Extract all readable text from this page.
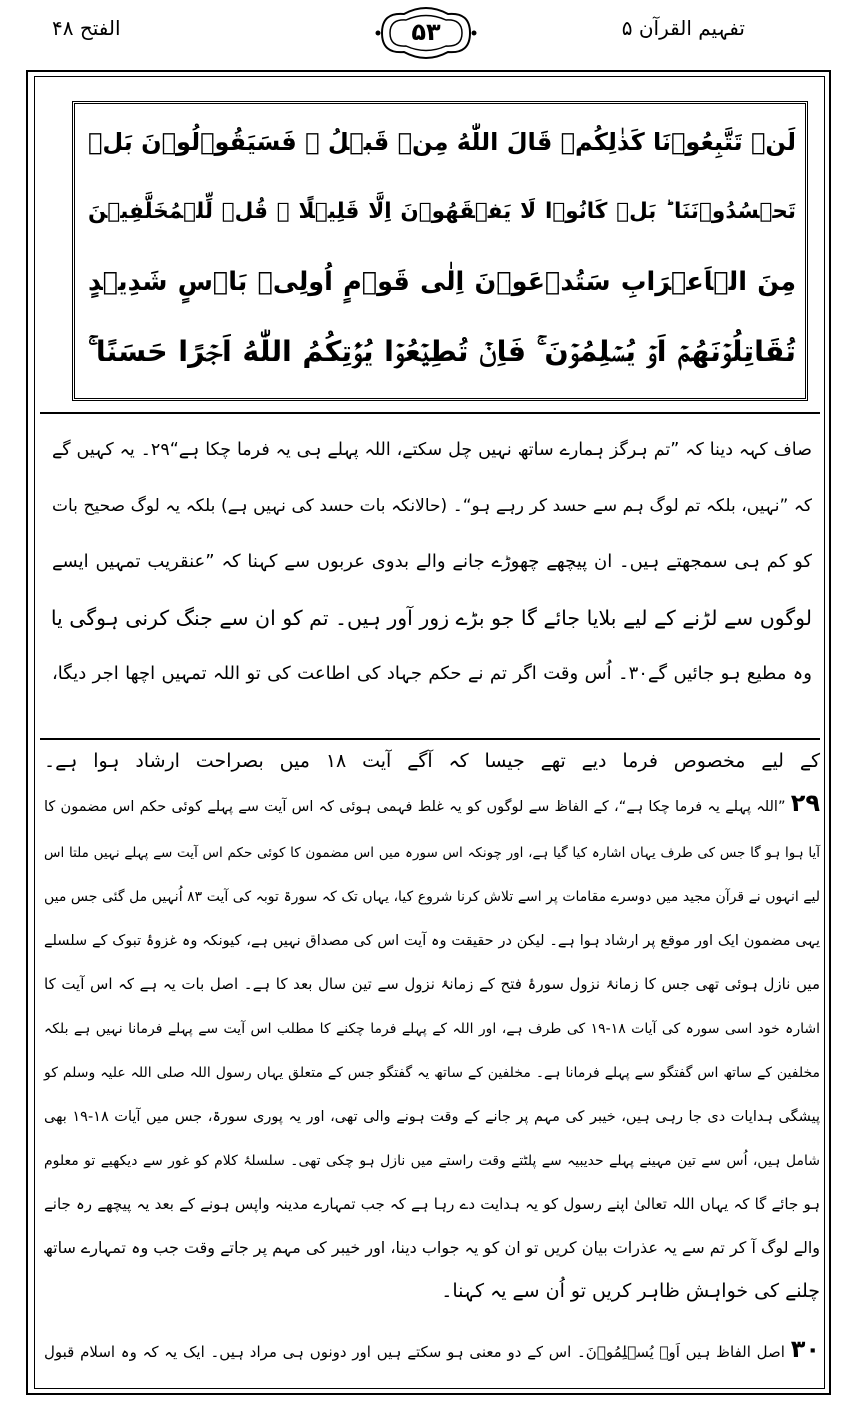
تفہیم القرآن ۵
۵۳
الفتح ۴۸
لَنۡ تَتَّبِعُوۡنَا كَذٰلِكُمۡ قَالَ اللّٰهُ مِنۡ قَبۡلُ ۚ فَسَيَقُوۡلُوۡنَ بَلۡ
تَحۡسُدُوۡنَنَا ؕ بَلۡ كَانُوۡا لَا يَفۡقَهُوۡنَ اِلَّا قَلِيۡلًا ۞ قُلۡ لِّلۡمُخَلَّفِيۡنَ
مِنَ الۡاَعۡرَابِ سَتُدۡعَوۡنَ اِلٰى قَوۡمٍ اُولِىۡ بَاۡسٍ شَدِيۡدٍ
تُقَاتِلُوۡنَهُمۡ اَوۡ يُسۡلِمُوۡنَ ۚ فَاِنۡ تُطِيۡعُوۡا يُؤۡتِكُمُ اللّٰهُ اَجۡرًا حَسَنًا ۚ
صاف کہہ دینا کہ ”تم ہرگز ہمارے ساتھ نہیں چل سکتے، اللہ پہلے ہی یہ فرما چکا ہے“۲۹۔ یہ کہیں گے
کہ ”نہیں، بلکہ تم لوگ ہم سے حسد کر رہے ہو“۔ (حالانکہ بات حسد کی نہیں ہے) بلکہ یہ لوگ صحیح بات
کو کم ہی سمجھتے ہیں۔ ان پیچھے چھوڑے جانے والے بدوی عربوں سے کہنا کہ ”عنقریب تمہیں ایسے
لوگوں سے لڑنے کے لیے بلایا جائے گا جو بڑے زور آور ہیں۔ تم کو ان سے جنگ کرنی ہوگی یا
وہ مطیع ہو جائیں گے۳۰۔ اُس وقت اگر تم نے حکم جہاد کی اطاعت کی تو اللہ تمہیں اچھا اجر دیگا،
کے لیے مخصوص فرما دیے تھے جیسا کہ آگے آیت ۱۸ میں بصراحت ارشاد ہوا ہے۔
۲۹ ”اللہ پہلے یہ فرما چکا ہے“، کے الفاظ سے لوگوں کو یہ غلط فہمی ہوئی کہ اس آیت سے پہلے کوئی حکم اس مضمون کا
آیا ہوا ہو گا جس کی طرف یہاں اشارہ کیا گیا ہے، اور چونکہ اس سورہ میں اس مضمون کا کوئی حکم اس آیت سے پہلے نہیں ملتا اس
لیے انہوں نے قرآن مجید میں دوسرے مقامات پر اسے تلاش کرنا شروع کیا، یہاں تک کہ سورۃ توبہ کی آیت ۸۳ اُنہیں مل گئی جس میں
یہی مضمون ایک اور موقع پر ارشاد ہوا ہے۔ لیکن در حقیقت وہ آیت اس کی مصداق نہیں ہے، کیونکہ وہ غزوۂ تبوک کے سلسلے
میں نازل ہوئی تھی جس کا زمانۂ نزول سورۂ فتح کے زمانۂ نزول سے تین سال بعد کا ہے۔ اصل بات یہ ہے کہ اس آیت کا
اشارہ خود اسی سورہ کی آیات ۱۸-۱۹ کی طرف ہے، اور اللہ کے پہلے فرما چکنے کا مطلب اس آیت سے پہلے فرمانا نہیں ہے بلکہ
مخلفین کے ساتھ اس گفتگو سے پہلے فرمانا ہے۔ مخلفین کے ساتھ یہ گفتگو جس کے متعلق یہاں رسول اللہ صلی اللہ علیہ وسلم کو
پیشگی ہدایات دی جا رہی ہیں، خیبر کی مہم پر جانے کے وقت ہونے والی تھی، اور یہ پوری سورۃ، جس میں آیات ۱۸-۱۹ بھی
شامل ہیں، اُس سے تین مہینے پہلے حدیبیہ سے پلٹتے وقت راستے میں نازل ہو چکی تھی۔ سلسلۂ کلام کو غور سے دیکھیے تو معلوم
ہو جائے گا کہ یہاں اللہ تعالیٰ اپنے رسول کو یہ ہدایت دے رہا ہے کہ جب تمہارے مدینہ واپس ہونے کے بعد یہ پیچھے رہ جانے
والے لوگ آ کر تم سے یہ عذرات بیان کریں تو ان کو یہ جواب دینا، اور خیبر کی مہم پر جاتے وقت جب وہ تمہارے ساتھ
چلنے کی خواہش ظاہر کریں تو اُن سے یہ کہنا۔
۳۰ اصل الفاظ ہیں اَوۡ یُسۡلِمُوۡنَ۔ اس کے دو معنی ہو سکتے ہیں اور دونوں ہی مراد ہیں۔ ایک یہ کہ وہ اسلام قبول
